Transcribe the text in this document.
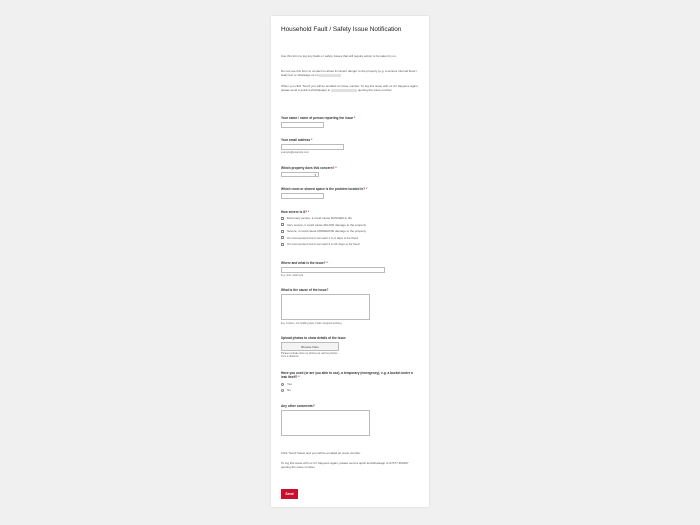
Household Fault / Safety Issue Notification
Use this form to log any faults or safety issues that will require action to be taken by us.
Do not use this form to contact us about imminent danger to the property (e.g. a serious internal flood / leak) text or whatsapp us on
When you click 'Send' you will be emailed an issue number. To log this issue with us if it happens again, please send a quick text/whatsapp to	quoting the issue number.
Your name / name of person reporting the issue *
Your email address *
example@example.com
Which property does this concern? *
▾
Which room or shared space is the problem located in? *
How severe is it? *
Extremely severe, it could cause DANGER to life
Very severe, it could cause MAJOR damage to the property
Severe, it could cause MODERATE damage to the property
It's inconvenient but it can wait 1 to 2 days to be fixed
It's inconvenient but it can wait 3 to 21 days to be fixed
Where and what is the issue? *
E.g. sink, toilet lock
What is the cause of the issue?
E.g. broken, not holding pipe, boiler stopped working
Upload photos to show details of the issue
Browse Files
Please include close up photos as well as photos from a distance
Have you used (or are you able to use), a temporary (emergency), e.g. a bucket under a leak itself? *
Yes
No
Any other comments?
Click 'Send' below and you will be emailed an issue number.
To log this issue with us if it happens again, please send a quick text/whatsapp to 07477 464267 quoting the issue number.
Send
